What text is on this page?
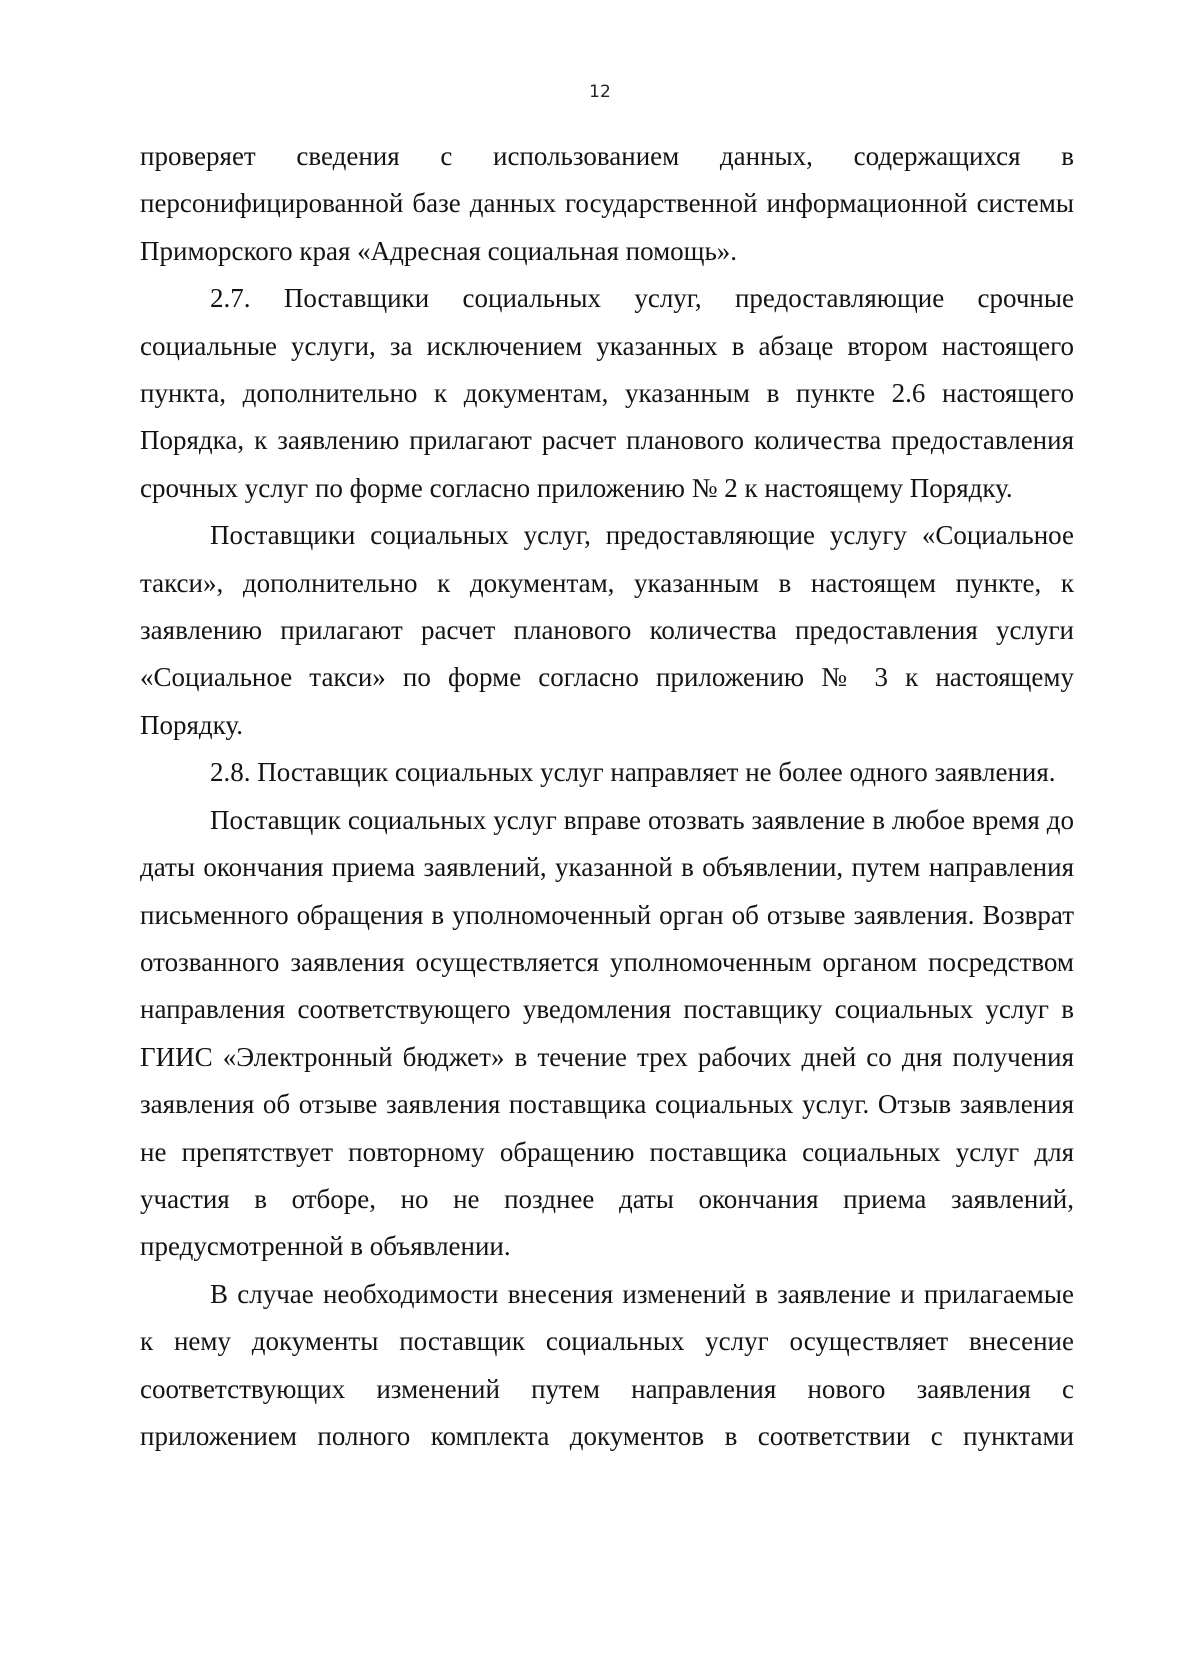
12

проверяет сведения с использованием данных, содержащихся в персонифицированной базе данных государственной информационной системы Приморского края «Адресная социальная помощь».

2.7. Поставщики социальных услуг, предоставляющие срочные социальные услуги, за исключением указанных в абзаце втором настоящего пункта, дополнительно к документам, указанным в пункте 2.6 настоящего Порядка, к заявлению прилагают расчет планового количества предоставления срочных услуг по форме согласно приложению № 2 к настоящему Порядку.

Поставщики социальных услуг, предоставляющие услугу «Социальное такси», дополнительно к документам, указанным в настоящем пункте, к заявлению прилагают расчет планового количества предоставления услуги «Социальное такси» по форме согласно приложению № 3 к настоящему Порядку.

2.8. Поставщик социальных услуг направляет не более одного заявления.

Поставщик социальных услуг вправе отозвать заявление в любое время до даты окончания приема заявлений, указанной в объявлении, путем направления письменного обращения в уполномоченный орган об отзыве заявления. Возврат отозванного заявления осуществляется уполномоченным органом посредством направления соответствующего уведомления поставщику социальных услуг в ГИИС «Электронный бюджет» в течение трех рабочих дней со дня получения заявления об отзыве заявления поставщика социальных услуг. Отзыв заявления не препятствует повторному обращению поставщика социальных услуг для участия в отборе, но не позднее даты окончания приема заявлений, предусмотренной в объявлении.

В случае необходимости внесения изменений в заявление и прилагаемые к нему документы поставщик социальных услуг осуществляет внесение соответствующих изменений путем направления нового заявления с приложением полного комплекта документов в соответствии с пунктами
